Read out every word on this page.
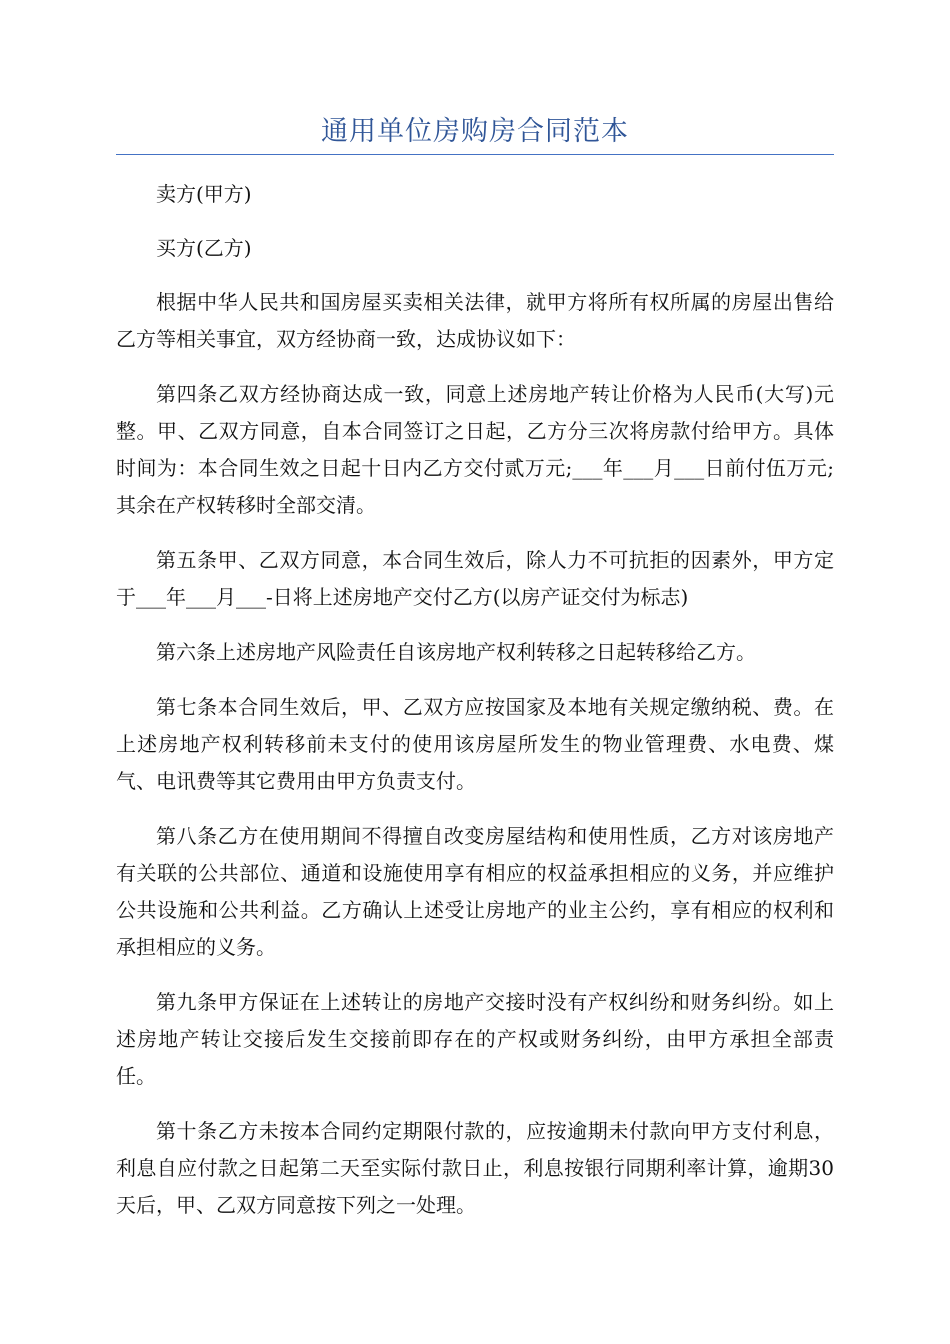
通用单位房购房合同范本

卖方(甲方)

买方(乙方)

根据中华人民共和国房屋买卖相关法律，就甲方将所有权所属的房屋出售给乙方等相关事宜，双方经协商一致，达成协议如下：

第四条乙双方经协商达成一致，同意上述房地产转让价格为人民币(大写)元整。甲、乙双方同意，自本合同签订之日起，乙方分三次将房款付给甲方。具体时间为：本合同生效之日起十日内乙方交付贰万元;___年___月___日前付伍万元;其余在产权转移时全部交清。

第五条甲、乙双方同意，本合同生效后，除人力不可抗拒的因素外，甲方定于___年___月___-日将上述房地产交付乙方(以房产证交付为标志)

第六条上述房地产风险责任自该房地产权利转移之日起转移给乙方。

第七条本合同生效后，甲、乙双方应按国家及本地有关规定缴纳税、费。在上述房地产权利转移前未支付的使用该房屋所发生的物业管理费、水电费、煤气、电讯费等其它费用由甲方负责支付。

第八条乙方在使用期间不得擅自改变房屋结构和使用性质，乙方对该房地产有关联的公共部位、通道和设施使用享有相应的权益承担相应的义务，并应维护公共设施和公共利益。乙方确认上述受让房地产的业主公约，享有相应的权利和承担相应的义务。

第九条甲方保证在上述转让的房地产交接时没有产权纠纷和财务纠纷。如上述房地产转让交接后发生交接前即存在的产权或财务纠纷，由甲方承担全部责任。

第十条乙方未按本合同约定期限付款的，应按逾期未付款向甲方支付利息，利息自应付款之日起第二天至实际付款日止，利息按银行同期利率计算，逾期30天后，甲、乙双方同意按下列之一处理。
